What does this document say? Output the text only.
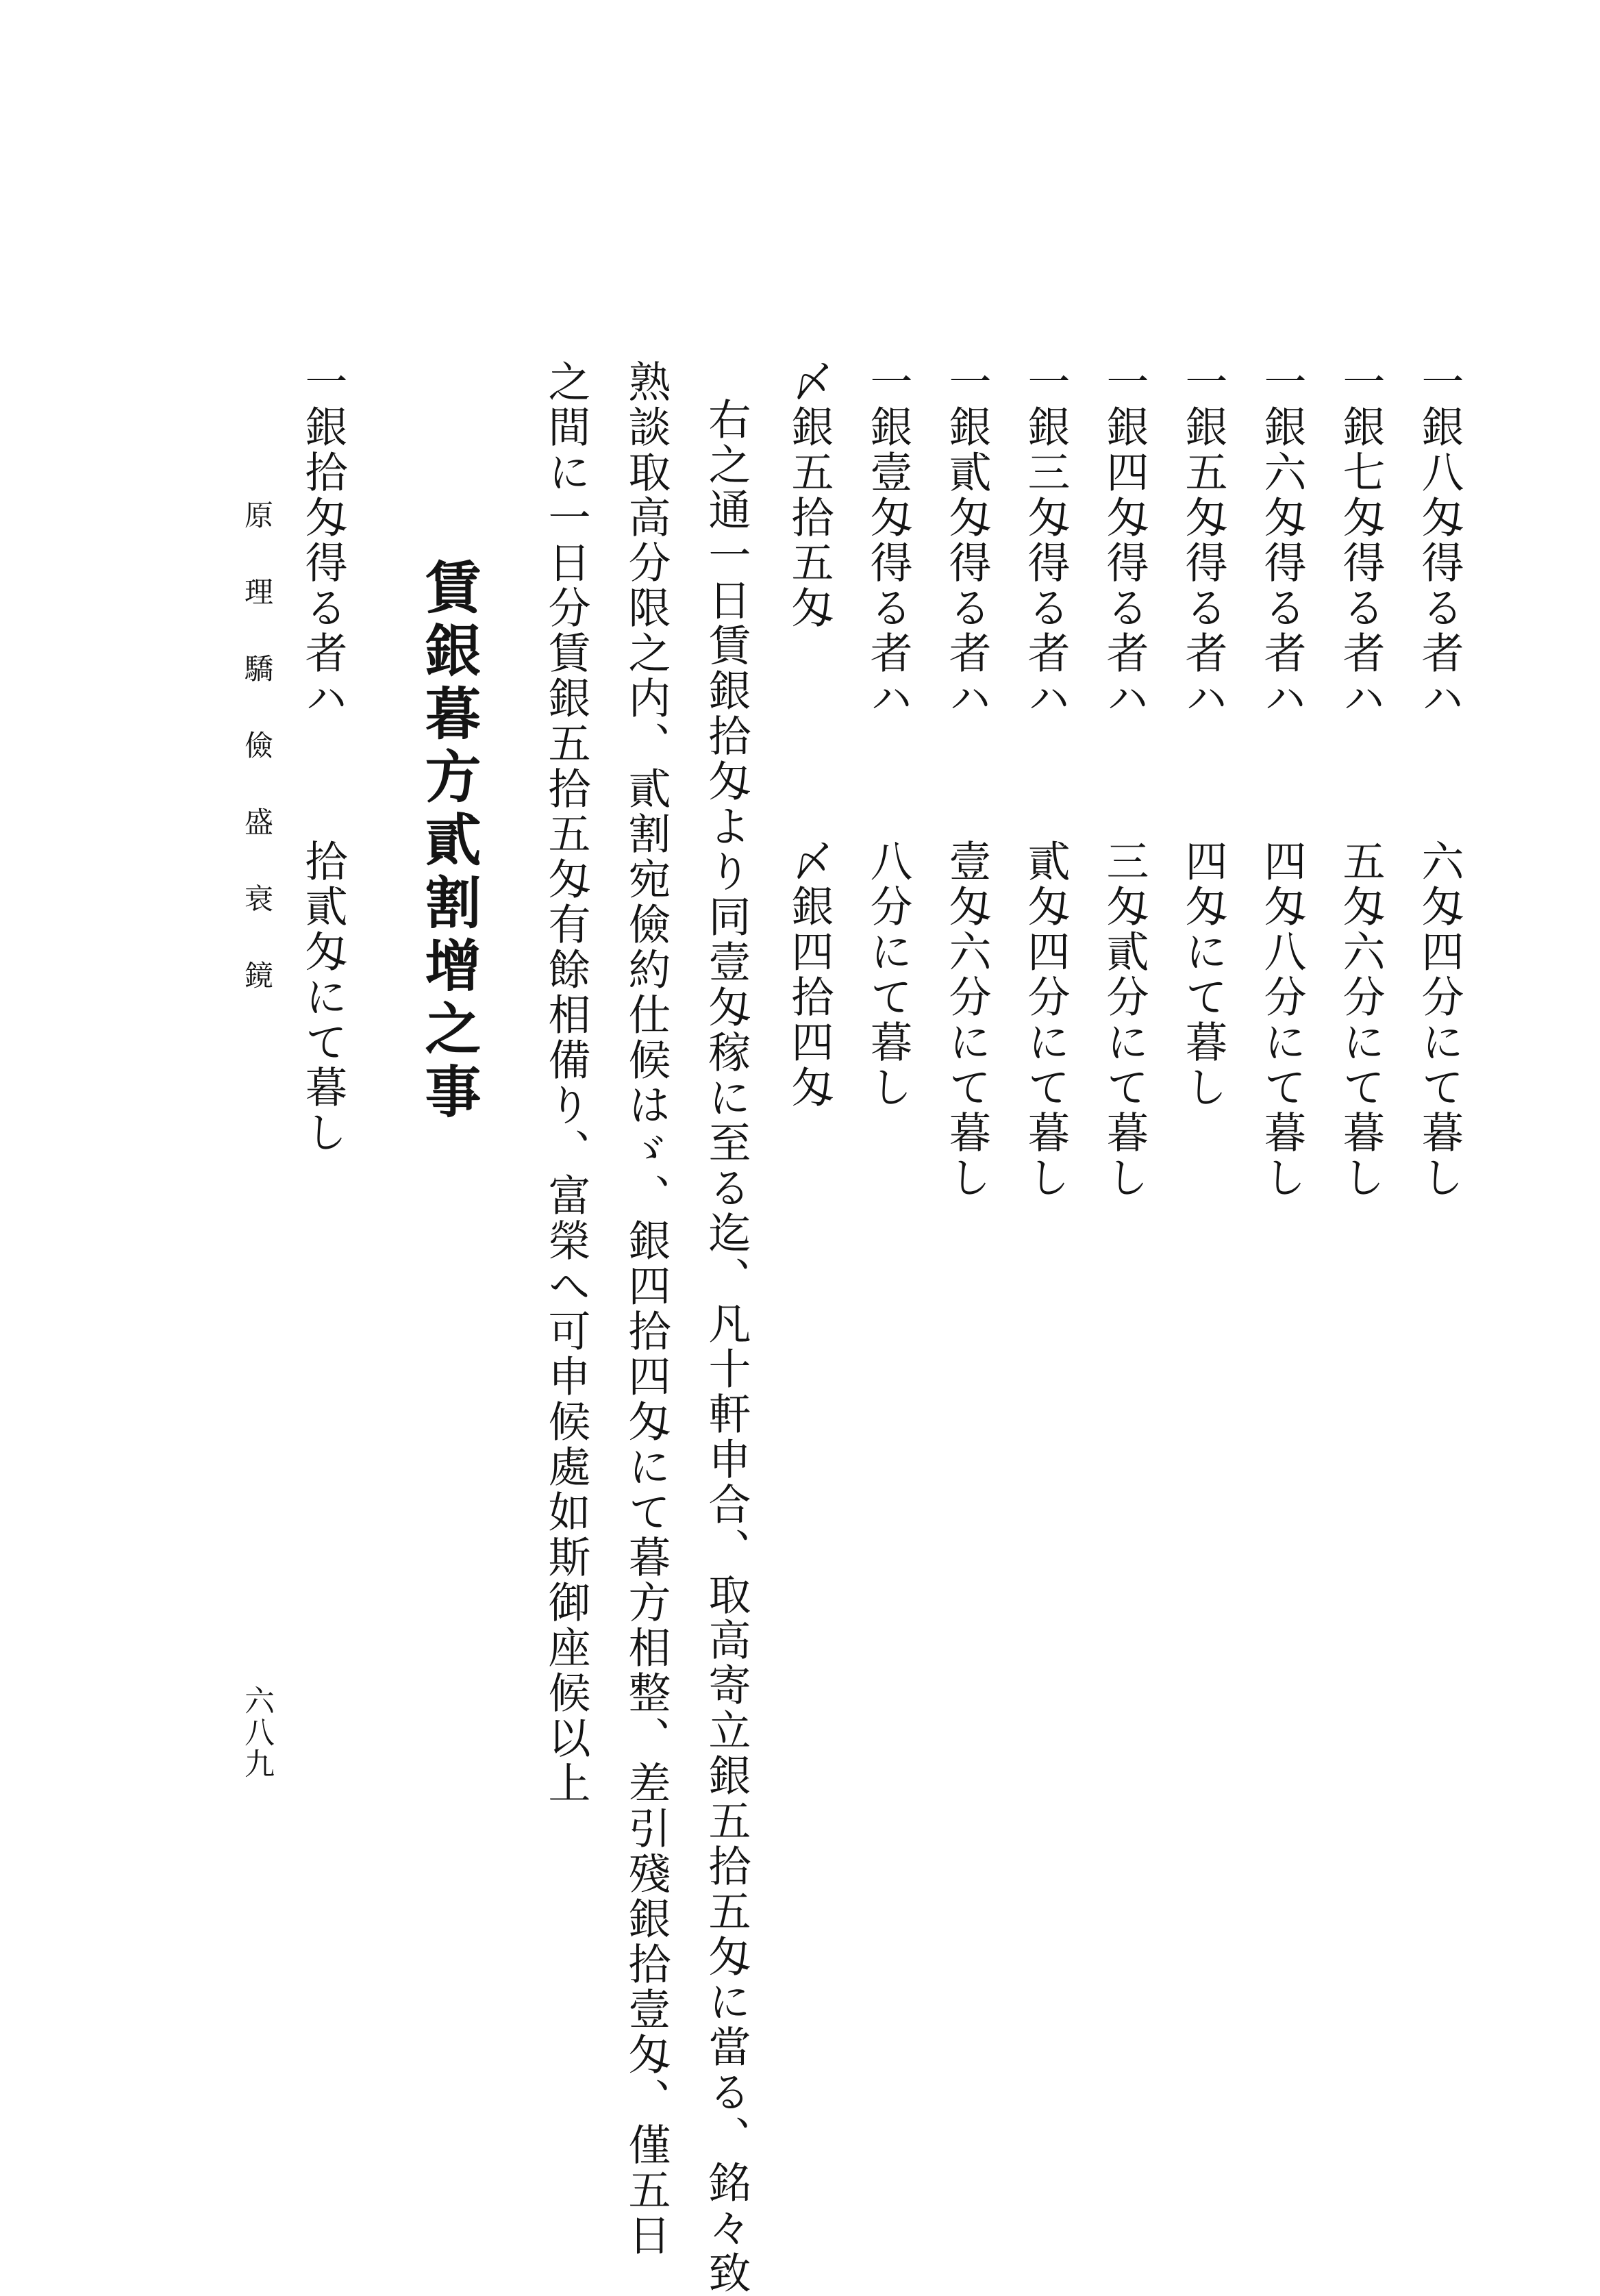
一銀八匁得る者ハ
六匁四分にて暮し
一銀七匁得る者ハ
五匁六分にて暮し
一銀六匁得る者ハ
四匁八分にて暮し
一銀五匁得る者ハ
四匁にて暮し
一銀四匁得る者ハ
三匁貳分にて暮し
一銀三匁得る者ハ
貳匁四分にて暮し
一銀貳匁得る者ハ
壹匁六分にて暮し
一銀壹匁得る者ハ
八分にて暮し
〆銀五拾五匁
〆銀四拾四匁
右之通一日賃銀拾匁より同壹匁稼に至る迄、凡十軒申合、取高寄立銀五拾五匁に當る、銘々致
熟談取高分限之内、貳割宛儉約仕候はゞ、銀四拾四匁にて暮方相整、差引殘銀拾壹匁、僅五日
之間に一日分賃銀五拾五匁有餘相備り、富榮へ可申候處如斯御座候以上
賃銀暮方貳割增之事
一銀拾匁得る者ハ
拾貳匁にて暮し
原理驕儉盛衰鏡
六八九
